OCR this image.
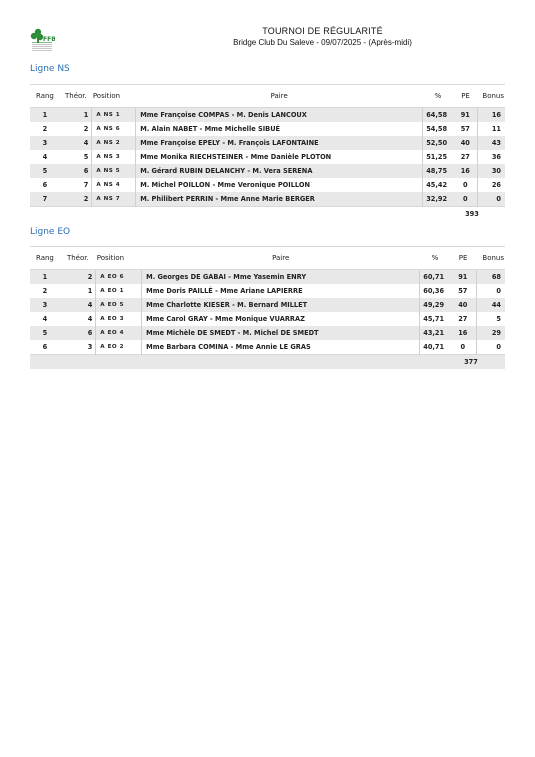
FFB
TOURNOI DE RÉGULARITÉ
Bridge Club Du Saleve - 09/07/2025 - (Après-midi)
Ligne NS
Rang	Théor.	Position	Paire	%	PE	Bonus
1	1	A NS 1	Mme Françoise COMPAS - M. Denis LANCOUX	64,58	91	16
2	2	A NS 6	M. Alain NABET - Mme Michelle SIBUÉ	54,58	57	11
3	4	A NS 2	Mme Françoise EPELY - M. François LAFONTAINE	52,50	40	43
4	5	A NS 3	Mme Monika RIECHSTEINER - Mme Danièle PLOTON	51,25	27	36
5	6	A NS 5	M. Gérard RUBIN DELANCHY - M. Vera SERENA	48,75	16	30
6	7	A NS 4	M. Michel POILLON - Mme Veronique POILLON	45,42	0	26
7	2	A NS 7	M. Philibert PERRIN - Mme Anne Marie BERGER	32,92	0	0
					393	
Ligne EO
Rang	Théor.	Position	Paire	%	PE	Bonus
1	2	A EO 6	M. Georges DE GABAI - Mme Yasemin ENRY	60,71	91	68
2	1	A EO 1	Mme Doris PAILLÉ - Mme Ariane LAPIERRE	60,36	57	0
3	4	A EO 5	Mme Charlotte KIESER - M. Bernard MILLET	49,29	40	44
4	4	A EO 3	Mme Carol GRAY - Mme Monique VUARRAZ	45,71	27	5
5	6	A EO 4	Mme Michèle DE SMEDT - M. Michel DE SMEDT	43,21	16	29
6	3	A EO 2	Mme Barbara COMINA - Mme Annie LE GRAS	40,71	0	0
					377	
